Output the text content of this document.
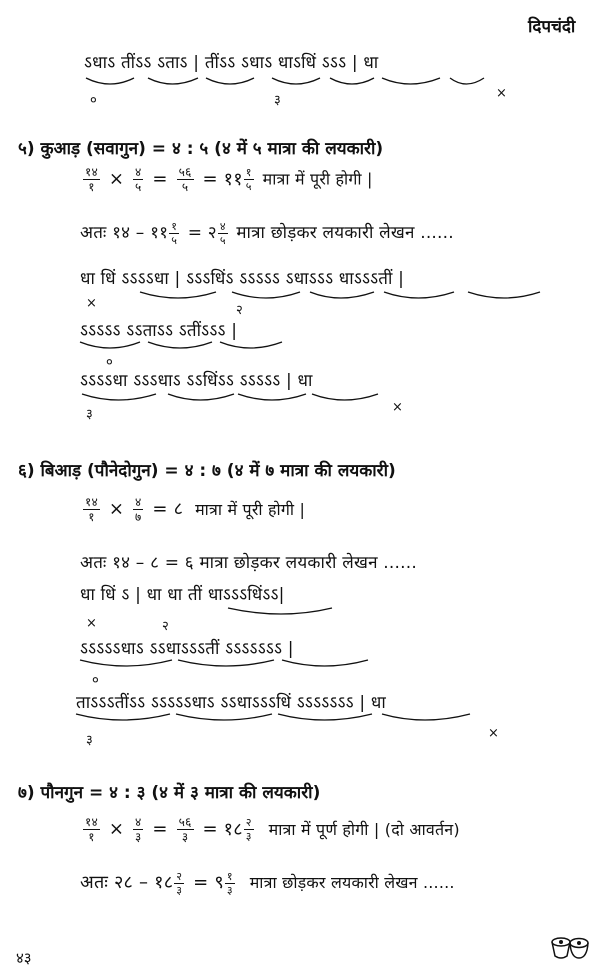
दिपचंदी
ऽधाऽ तींऽऽ ऽताऽ | तींऽऽ ऽधाऽ धाऽधिं ऽऽऽ | धा
०	३	×
५) कुआड़ (सवागुन) = ४ : ५ (४ में ५ मात्रा की लयकारी)
$\frac{१४}{१} \times \frac{४}{५} = \frac{५६}{५}$ = ११ $\frac{१}{५}$ मात्रा में पूरी होगी |
अतः १४ – ११ $\frac{१}{५}$ = २ $\frac{४}{५}$ मात्रा छोड़कर लयकारी लेखन ......
धा धिं ऽऽऽऽधा | ऽऽऽधिंऽ ऽऽऽऽऽ ऽधाऽऽऽ धाऽऽऽतीं |
×	२
ऽऽऽऽऽ ऽऽताऽऽ ऽतींऽऽऽ |
०
ऽऽऽऽधा ऽऽऽधाऽ ऽऽधिंऽऽ ऽऽऽऽऽ | धा
३	×
६) बिआड़ (पौनेदोगुन) = ४ : ७ (४ में ७ मात्रा की लयकारी)
$\frac{१४}{१} \times \frac{४}{७}$ = ८ मात्रा में पूरी होगी |
अतः १४ – ८ = ६ मात्रा छोड़कर लयकारी लेखन ......
धा धिं ऽ | धा धा तीं धाऽऽऽधिंऽऽ|
×	२
ऽऽऽऽऽधाऽ ऽऽधाऽऽऽतीं ऽऽऽऽऽऽऽ |
०
ताऽऽऽतींऽऽ ऽऽऽऽऽधाऽ ऽऽधाऽऽऽधिं ऽऽऽऽऽऽऽ | धा
३	×
७) पौनगुन = ४ : ३ (४ में ३ मात्रा की लयकारी)
$\frac{१४}{१} \times \frac{४}{३} = \frac{५६}{३}$ = १८ $\frac{२}{३}$ मात्रा में पूर्ण होगी | (दो आवर्तन)
अतः २८ – १८ $\frac{२}{३}$ = ९ $\frac{१}{३}$ मात्रा छोड़कर लयकारी लेखन ......
४३
